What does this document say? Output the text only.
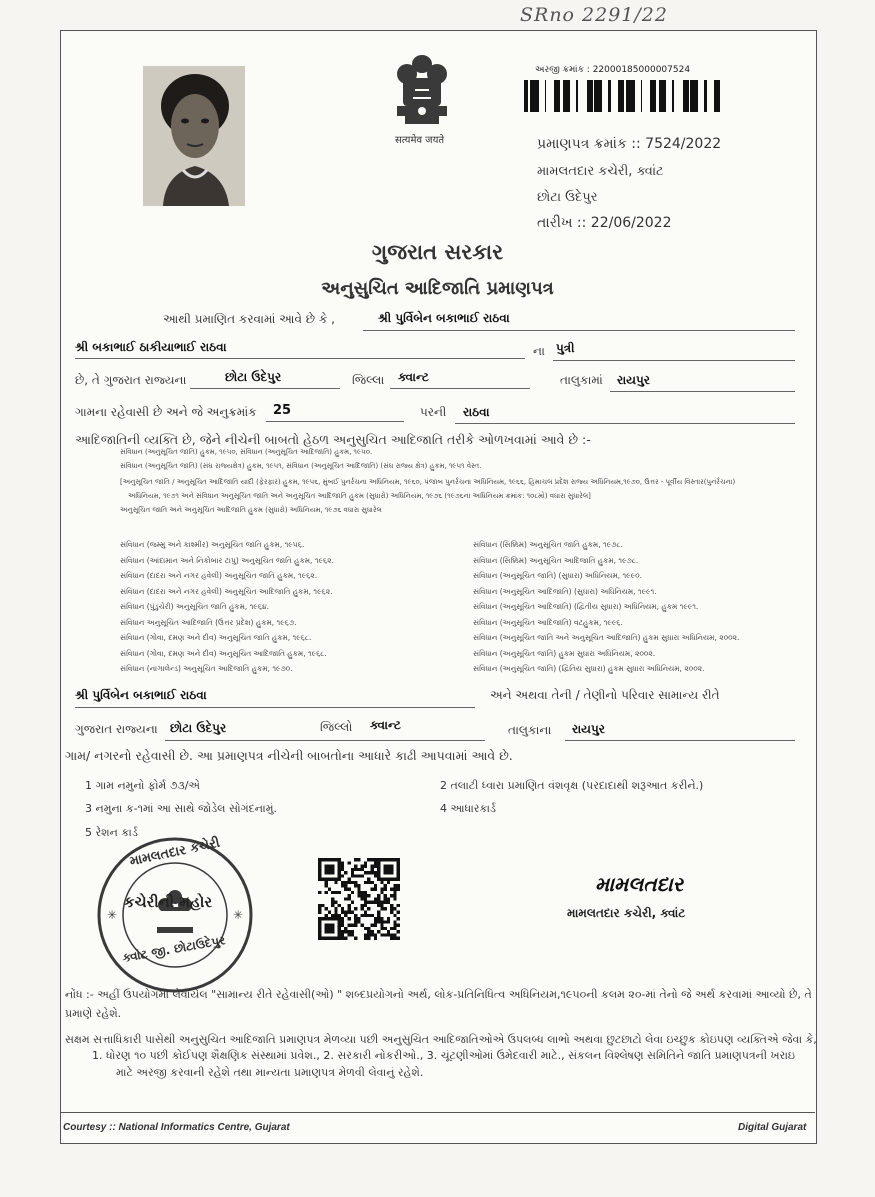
SRno 2291/22
सत्यमेव जयते
અરજી ક્રમાંક : 22000185000007524
પ્રમાણપત્ર ક્રમાંક :: 7524/2022
મામલતદાર કચેરી, ક્વાંટ
છોટા ઉદેપુર
તારીખ :: 22/06/2022
ગુજરાત સરકાર
અનુસુચિત આદિજાતિ પ્રમાણપત્ર
આથી પ્રમાણિત કરવામાં આવે છે કે ,	શ્રી પુર્વિબેન બકાભાઈ રાઠવા
શ્રી બકાભાઈ ઠાકીયાભાઈ રાઠવા	ના પુત્રી
છે, તે ગુજરાત રાજ્યના	છોટા ઉદેપુર	જિલ્લા ક્વાન્ટ	તાલુકામાં રાયપુર
ગામના રહેવાસી છે અને જે અનુક્રમાંક 25	પરની રાઠવા
આદિજાતિની વ્યક્તિ છે, જેને નીચેની બાબતો હેઠળ અનુસુચિત આદિજાતિ તરીકે ઓળખવામાં આવે છે :-
સંવિધાન (અનુસૂચિત જાતિ) હુકમ, ૧૯૫૦, સંવિધાન (અનુસૂચિત આદિજાતિ) હુકમ, ૧૯૫૦.
સંવિધાન (અનુસૂચિત જાતિ) (સંઘ રાજ્યક્ષેત્ર) હુકમ, ૧૯૫૧, સંવિધાન (અનુસૂચિત આદિજાતિ) (સંઘ રાજ્ય ક્ષેત્ર) હુકમ, ૧૯૫૧ વેસ્ત.
[અનુસૂચિત જાતિ / અનુસૂચિત આદિજાતિ યાદી (ફેરફાર) હુકમ, ૧૯૫૬, મુંબઈ પુનર્રચના અધિનિયમ, ૧૯૬૦, પંજાબ પુનર્રચના અધિનિયમ, ૧૯૬૬, હિમાચલ પ્રદેશ રાજ્ય અધિનિયમ,૧૯૭૦, ઉત્તર - પૂર્વીય વિસ્તાર(પુનર્રચના)
અધિનિયમ, ૧૯૭૧ અને સંવિધાન અનુસૂચિત જાતિ અને અનુસૂચિત આદિજાતિ હુકમ (સુધારો) અધિનિયમ, ૧૯૭૬ (૧૯૭૬ના અધિનિયમ ક્રમાંક: ૧૦૮મો) વધારા સુધારેલ]
અનુસૂચિત જાતિ અને અનુસૂચિત આદિજાતિ હુકમ (સુધારો) અધિનિયમ, ૧૯૭૬ વધારા સુધારેલ
સંવિધાન (જમ્મુ અને કાશ્મીર) અનુસૂચિત જાતિ હુકમ, ૧૯૫૬.
સંવિધાન (આંદામાન અને નિકોબાર ટાપુ) અનુસૂચિત જાતિ હુકમ, ૧૯૬૨.
સંવિધાન (દાદરા અને નગર હવેલી) અનુસૂચિત જાતિ હુકમ, ૧૯૬૨.
સંવિધાન (દાદરા અને નગર હવેલી) અનુસૂચિત આદિજાતિ હુકમ, ૧૯૬૨.
સંવિધાન (પુંડુચેરી) અનુસૂચિત જાતિ હુકમ, ૧૯૬૪.
સંવિધાન અનુસૂચિત આદિજાતિ (ઉત્તર પ્રદેશ) હુકમ, ૧૯૬૭.
સંવિધાન (ગોવા, દમણ અને દીવ) અનુસૂચિત જાતિ હુકમ, ૧૯૬૮.
સંવિધાન (ગોવા, દમણ અને દીવ) અનુસૂચિત આદિજાતિ હુકમ, ૧૯૬૮.
સંવિધાન (નાગાલેન્ડ) અનુસૂચિત આદિજાતિ હુકમ, ૧૯૭૦.
સંવિધાન (સિક્કિમ) અનુસૂચિત જાતિ હુકમ, ૧૯૭૮.
સંવિધાન (સિક્કિમ) અનુસૂચિત આદિજાતિ હુકમ, ૧૯૭૮.
સંવિધાન (અનુસૂચિત જાતિ) (સુધારા) અધિનિયમ, ૧૯૯૦.
સંવિધાન (અનુસૂચિત આદિજાતિ) (સુધારા) અધિનિયમ, ૧૯૯૧.
સંવિધાન (અનુસૂચિત આદિજાતિ) (દ્વિતીય સુધારા) અધિનિયમ, હુકમ ૧૯૯૧.
સંવિધાન (અનુસૂચિત આદિજાતિ) વટહુકમ, ૧૯૯૬.
સંવિધાન (અનુસૂચિત જાતિ અને અનુસૂચિત આદિજાતિ) હુકમ સુધારા અધિનિયમ, ૨૦૦૨.
સંવિધાન (અનુસૂચિત જાતિ) હુકમ સુધારા અધિનિયમ, ૨૦૦૨.
સંવિધાન (અનુસૂચિત જાતિ) (દ્વિતિય સુધારા) હુકમ સુધારા અધિનિયમ, ૨૦૦૨.
શ્રી પુર્વિબેન બકાભાઈ રાઠવા	અને અથવા તેની / તેણીનો પરિવાર સામાન્ય રીતે
ગુજરાત રાજ્યના છોટા ઉદેપુર	જિલ્લો ક્વાન્ટ	તાલુકાના રાયપુર
ગામ/ નગરનો રહેવાસી છે. આ પ્રમાણપત્ર નીચેની બાબતોના આધારે કાઢી આપવામાં આવે છે.
1 ગામ નમુનો ફોર્મ ૭૩/એ	2 તલાટી ધ્વારા પ્રમાણિત વંશવૃક્ષ (પરદાદાથી શરૂઆત કરીને.)
3 નમુના ક-૧માં આ સાથે જોડેલ સોગંદનામું.	4 આધારકાર્ડ
5 રેશન કાર્ડ
✳	✳
મામલતદાર કચેરી
કચેરીની મહોર
ક્વાંટ જી. છોટાઉદેપુર
મામલતદાર
મામલતદાર કચેરી, ક્વાંટ
નોંધ :- અહીં ઉપયોગમાં લેવાયેલ "સામાન્ય રીતે રહેવાસી(ઓ) " શબ્દપ્રયોગનો અર્થ, લોક-પ્રતિનિધિત્વ અધિનિયમ,૧૯૫૦ની કલમ ૨૦-માં તેનો જે અર્થ કરવામાં આવ્યો છે, તે
પ્રમાણે રહેશે.
સક્ષમ સત્તાધિકારી પાસેથી અનુસુચિત આદિજાતિ પ્રમાણપત્ર મેળવ્યા પછી અનુસુચિત આદિજાતિઓએ ઉપલબ્ધ લાભો અથવા છુટછાટો લેવા ઇચ્છુક કોઇપણ વ્યક્તિએ જેવા કે,
1. ધોરણ ૧૦ પછી કોઈપણ શૈક્ષણિક સંસ્થામાં પ્રવેશ., 2. સરકારી નોકરીઓ., 3. ચૂંટણીઓમાં ઉમેદવારી માટે., સંકલન વિશ્લેષણ સમિતિને જાતિ પ્રમાણપત્રની ખરાઇ
માટે અરજી કરવાની રહેશે તથા માન્યતા પ્રમાણપત્ર મેળવી લેવાનું રહેશે.
Courtesy :: National Informatics Centre, Gujarat	Digital Gujarat
